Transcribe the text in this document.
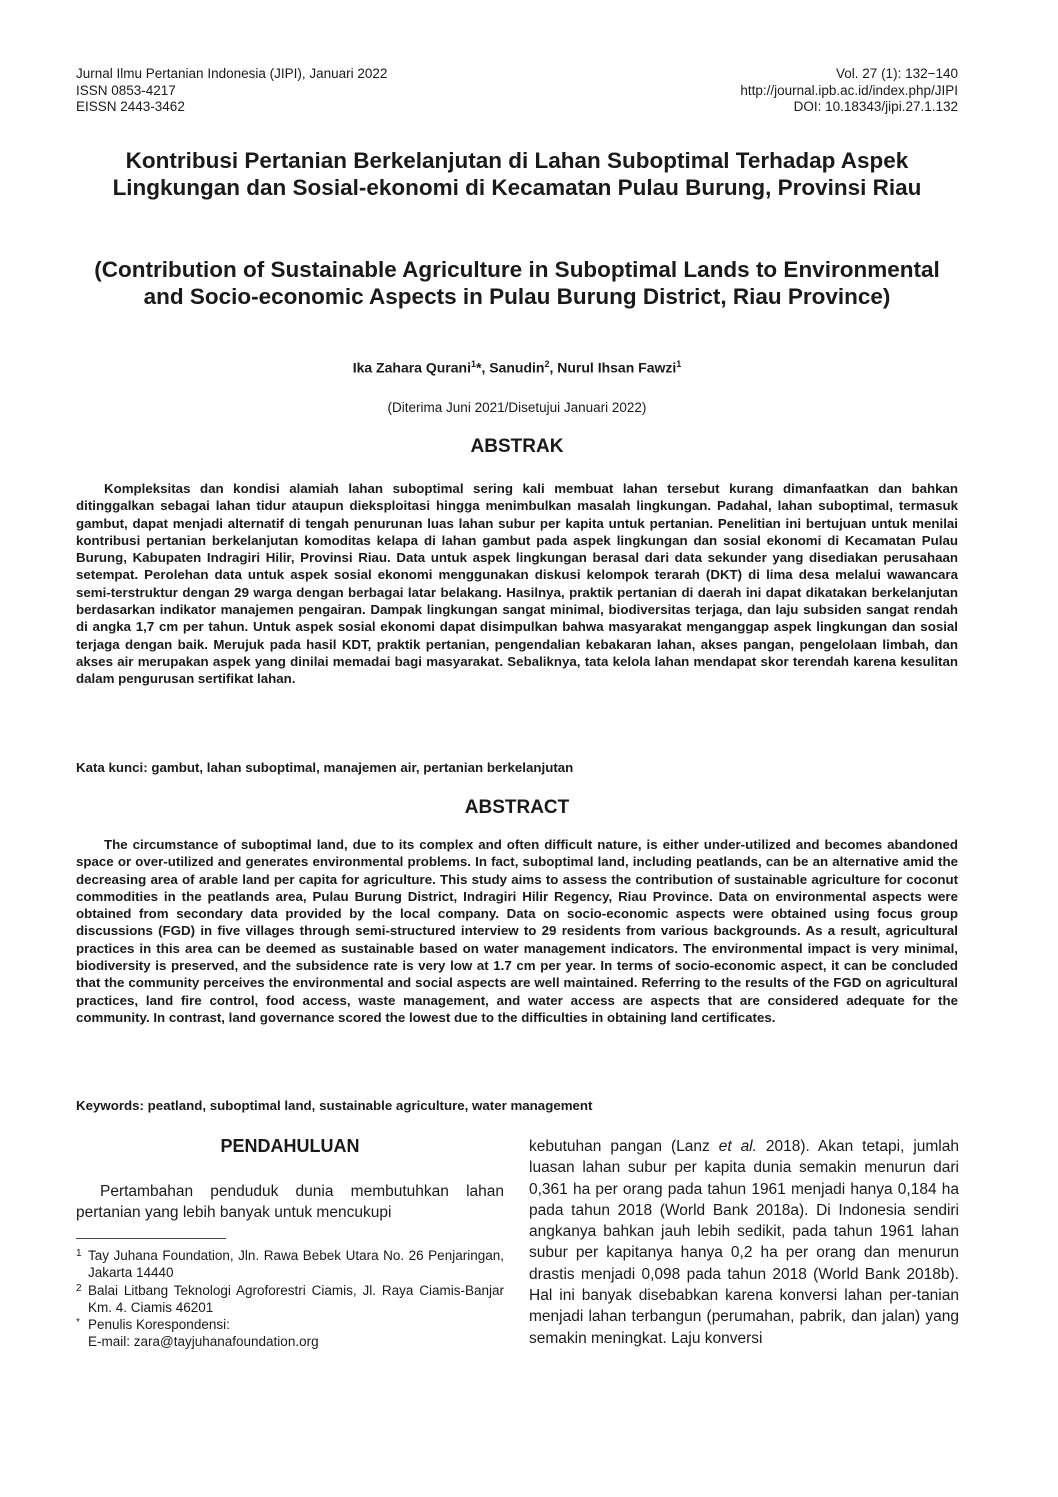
Jurnal Ilmu Pertanian Indonesia (JIPI), Januari 2022
ISSN 0853-4217
EISSN 2443-3462
Vol. 27 (1): 132−140
http://journal.ipb.ac.id/index.php/JIPI
DOI: 10.18343/jipi.27.1.132
Kontribusi Pertanian Berkelanjutan di Lahan Suboptimal Terhadap Aspek Lingkungan dan Sosial-ekonomi di Kecamatan Pulau Burung, Provinsi Riau
(Contribution of Sustainable Agriculture in Suboptimal Lands to Environmental and Socio-economic Aspects in Pulau Burung District, Riau Province)
Ika Zahara Qurani$^1$*, Sanudin$^2$, Nurul Ihsan Fawzi$^1$
(Diterima Juni 2021/Disetujui Januari 2022)
ABSTRAK
Kompleksitas dan kondisi alamiah lahan suboptimal sering kali membuat lahan tersebut kurang dimanfaatkan dan bahkan ditinggalkan sebagai lahan tidur ataupun dieksploitasi hingga menimbulkan masalah lingkungan. Padahal, lahan suboptimal, termasuk gambut, dapat menjadi alternatif di tengah penurunan luas lahan subur per kapita untuk pertanian. Penelitian ini bertujuan untuk menilai kontribusi pertanian berkelanjutan komoditas kelapa di lahan gambut pada aspek lingkungan dan sosial ekonomi di Kecamatan Pulau Burung, Kabupaten Indragiri Hilir, Provinsi Riau. Data untuk aspek lingkungan berasal dari data sekunder yang disediakan perusahaan setempat. Perolehan data untuk aspek sosial ekonomi menggunakan diskusi kelompok terarah (DKT) di lima desa melalui wawancara semi-terstruktur dengan 29 warga dengan berbagai latar belakang. Hasilnya, praktik pertanian di daerah ini dapat dikatakan berkelanjutan berdasarkan indikator manajemen pengairan. Dampak lingkungan sangat minimal, biodiversitas terjaga, dan laju subsiden sangat rendah di angka 1,7 cm per tahun. Untuk aspek sosial ekonomi dapat disimpulkan bahwa masyarakat menganggap aspek lingkungan dan sosial terjaga dengan baik. Merujuk pada hasil KDT, praktik pertanian, pengendalian kebakaran lahan, akses pangan, pengelolaan limbah, dan akses air merupakan aspek yang dinilai memadai bagi masyarakat. Sebaliknya, tata kelola lahan mendapat skor terendah karena kesulitan dalam pengurusan sertifikat lahan.
Kata kunci: gambut, lahan suboptimal, manajemen air, pertanian berkelanjutan
ABSTRACT
The circumstance of suboptimal land, due to its complex and often difficult nature, is either under-utilized and becomes abandoned space or over-utilized and generates environmental problems. In fact, suboptimal land, including peatlands, can be an alternative amid the decreasing area of arable land per capita for agriculture. This study aims to assess the contribution of sustainable agriculture for coconut commodities in the peatlands area, Pulau Burung District, Indragiri Hilir Regency, Riau Province. Data on environmental aspects were obtained from secondary data provided by the local company. Data on socio-economic aspects were obtained using focus group discussions (FGD) in five villages through semi-structured interview to 29 residents from various backgrounds. As a result, agricultural practices in this area can be deemed as sustainable based on water management indicators. The environmental impact is very minimal, biodiversity is preserved, and the subsidence rate is very low at 1.7 cm per year. In terms of socio-economic aspect, it can be concluded that the community perceives the environmental and social aspects are well maintained. Referring to the results of the FGD on agricultural practices, land fire control, food access, waste management, and water access are aspects that are considered adequate for the community. In contrast, land governance scored the lowest due to the difficulties in obtaining land certificates.
Keywords: peatland, suboptimal land, sustainable agriculture, water management
PENDAHULUAN
Pertambahan penduduk dunia membutuhkan lahan pertanian yang lebih banyak untuk mencukupi
1 Tay Juhana Foundation, Jln. Rawa Bebek Utara No. 26 Penjaringan, Jakarta 14440
2 Balai Litbang Teknologi Agroforestri Ciamis, Jl. Raya Ciamis-Banjar Km. 4. Ciamis 46201
* Penulis Korespondensi:
E-mail: zara@tayjuhanafoundation.org
kebutuhan pangan (Lanz et al. 2018). Akan tetapi, jumlah luasan lahan subur per kapita dunia semakin menurun dari 0,361 ha per orang pada tahun 1961 menjadi hanya 0,184 ha pada tahun 2018 (World Bank 2018a). Di Indonesia sendiri angkanya bahkan jauh lebih sedikit, pada tahun 1961 lahan subur per kapitanya hanya 0,2 ha per orang dan menurun drastis menjadi 0,098 pada tahun 2018 (World Bank 2018b). Hal ini banyak disebabkan karena konversi lahan per-tanian menjadi lahan terbangun (perumahan, pabrik, dan jalan) yang semakin meningkat. Laju konversi
